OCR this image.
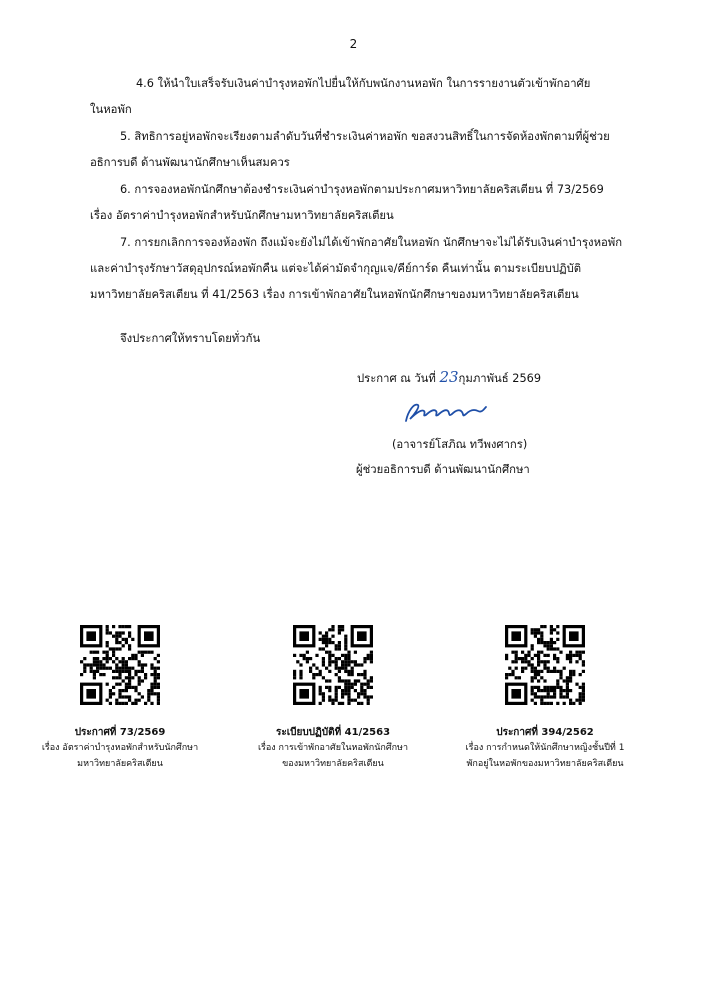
2
4.6 ให้นำใบเสร็จรับเงินค่าบำรุงหอพักไปยื่นให้กับพนักงานหอพัก ในการรายงานตัวเข้าพักอาศัย
ในหอพัก
5. สิทธิการอยู่หอพักจะเรียงตามลำดับวันที่ชำระเงินค่าหอพัก ขอสงวนสิทธิ์ในการจัดห้องพักตามที่ผู้ช่วย
อธิการบดี ด้านพัฒนานักศึกษาเห็นสมควร
6. การจองหอพักนักศึกษาต้องชำระเงินค่าบำรุงหอพักตามประกาศมหาวิทยาลัยคริสเตียน ที่ 73/2569
เรื่อง อัตราค่าบำรุงหอพักสำหรับนักศึกษามหาวิทยาลัยคริสเตียน
7. การยกเลิกการจองห้องพัก ถึงแม้จะยังไม่ได้เข้าพักอาศัยในหอพัก นักศึกษาจะไม่ได้รับเงินค่าบำรุงหอพัก
และค่าบำรุงรักษาวัสดุอุปกรณ์หอพักคืน แต่จะได้ค่ามัดจำกุญแจ/คีย์การ์ด คืนเท่านั้น ตามระเบียบปฏิบัติ
มหาวิทยาลัยคริสเตียน ที่ 41/2563 เรื่อง การเข้าพักอาศัยในหอพักนักศึกษาของมหาวิทยาลัยคริสเตียน
จึงประกาศให้ทราบโดยทั่วกัน
ประกาศ ณ วันที่ 23กุมภาพันธ์ 2569
(อาจารย์โสภิณ ทวีพงศากร)
ผู้ช่วยอธิการบดี ด้านพัฒนานักศึกษา
ประกาศที่ 73/2569
เรื่อง อัตราค่าบำรุงหอพักสำหรับนักศึกษา
มหาวิทยาลัยคริสเตียน
ระเบียบปฏิบัติที่ 41/2563
เรื่อง การเข้าพักอาศัยในหอพักนักศึกษา
ของมหาวิทยาลัยคริสเตียน
ประกาศที่ 394/2562
เรื่อง การกำหนดให้นักศึกษาหญิงชั้นปีที่ 1
พักอยู่ในหอพักของมหาวิทยาลัยคริสเตียน
